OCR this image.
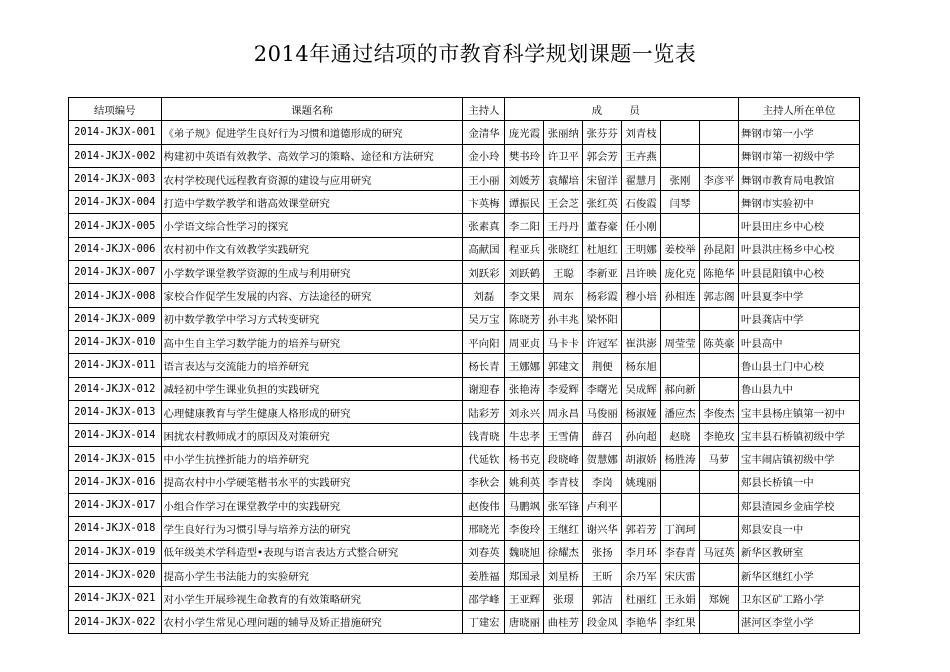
2014年通过结项的市教育科学规划课题一览表
结项编号	课题名称	主持人	成 员						主持人所在单位
2014-JKJX-001	《弟子规》促进学生良好行为习惯和道德形成的研究	金清华	庞光霞	张丽纳	张芬芬	刘青枝			舞钢市第一小学
2014-JKJX-002	构建初中英语有效教学、高效学习的策略、途径和方法研究	金小玲	樊书玲	许卫平	郭会芳	王卉燕			舞钢市第一初级中学
2014-JKJX-003	农村学校现代远程教育资源的建设与应用研究	王小丽	刘媛芳	袁耀培	宋留洋	翟慧月	张刚	李彦平	舞钢市教育局电教馆
2014-JKJX-004	打造中学数学教学和谐高效课堂研究	卞英梅	谭振民	王会芝	张红英	石俊霞	闫琴		舞钢市实验初中
2014-JKJX-005	小学语文综合性学习的探究	张素真	李二阳	王丹丹	董春豪	任小刚			叶县田庄乡中心校
2014-JKJX-006	农村初中作文有效教学实践研究	高献国	程亚兵	张晓红	杜旭红	王明娜	姜校举	孙昆阳	叶县洪庄杨乡中心校
2014-JKJX-007	小学数学课堂教学资源的生成与利用研究	刘跃彩	刘跃鹤	王聪	李新亚	吕许映	庞化克	陈艳华	叶县昆阳镇中心校
2014-JKJX-008	家校合作促学生发展的内容、方法途径的研究	刘磊	李文果	周东	杨彩霞	穆小培	孙相连	郭志阁	叶县夏李中学
2014-JKJX-009	初中数学教学中学习方式转变研究	吴万宝	陈晓芳	孙丰兆	梁怀阳				叶县龚店中学
2014-JKJX-010	高中生自主学习数学能力的培养与研究	平向阳	周亚贞	马卡卡	许冠军	崔洪澎	周莹莹	陈英豪	叶县高中
2014-JKJX-011	语言表达与交流能力的培养研究	杨长青	王娜娜	郭建文	荆便	杨东旭			鲁山县土门中心校
2014-JKJX-012	减轻初中学生课业负担的实践研究	谢迎春	张艳涛	李爱辉	李曙光	吴成辉	郝向新		鲁山县九中
2014-JKJX-013	心理健康教育与学生健康人格形成的研究	陆彩芳	刘永兴	周永昌	马俊丽	杨淑娅	潘应杰	李俊杰	宝丰县杨庄镇第一初中
2014-JKJX-014	困扰农村教师成才的原因及对策研究	钱青晓	牛忠孝	王雪倩	薛召	孙向超	赵晓	李艳玫	宝丰县石桥镇初级中学
2014-JKJX-015	中小学生抗挫折能力的培养研究	代延钦	杨书克	段晓峰	贺慧娜	胡淑娇	杨胜涛	马萝	宝丰闹店镇初级中学
2014-JKJX-016	提高农村中小学硬笔楷书水平的实践研究	李秋会	姚利英	李青枝	李岗	姚瑰丽			郏县长桥镇一中
2014-JKJX-017	小组合作学习在课堂教学中的实践研究	赵俊伟	马鹏飒	张军锋	卢利平				郏县渣园乡金庙学校
2014-JKJX-018	学生良好行为习惯引导与培养方法的研究	邢晓光	李俊玲	王继红	谢兴华	郭若芳	丁润珂		郏县安良一中
2014-JKJX-019	低年级美术学科造型•表现与语言表达方式整合研究	刘春英	魏晓旭	徐耀杰	张扬	李月环	李春青	马冠英	新华区教研室
2014-JKJX-020	提高小学生书法能力的实验研究	姜胜福	郑国录	刘星桥	王昕	余乃军	宋庆雷		新华区继红小学
2014-JKJX-021	对小学生开展珍视生命教育的有效策略研究	邵学峰	王亚辉	张璟	郭洁	杜丽红	王永娟	郑婉	卫东区矿工路小学
2014-JKJX-022	农村小学生常见心理问题的辅导及矫正措施研究	丁建宏	唐晓丽	曲桂芳	段金凤	李艳华	李红果		湛河区李堂小学
